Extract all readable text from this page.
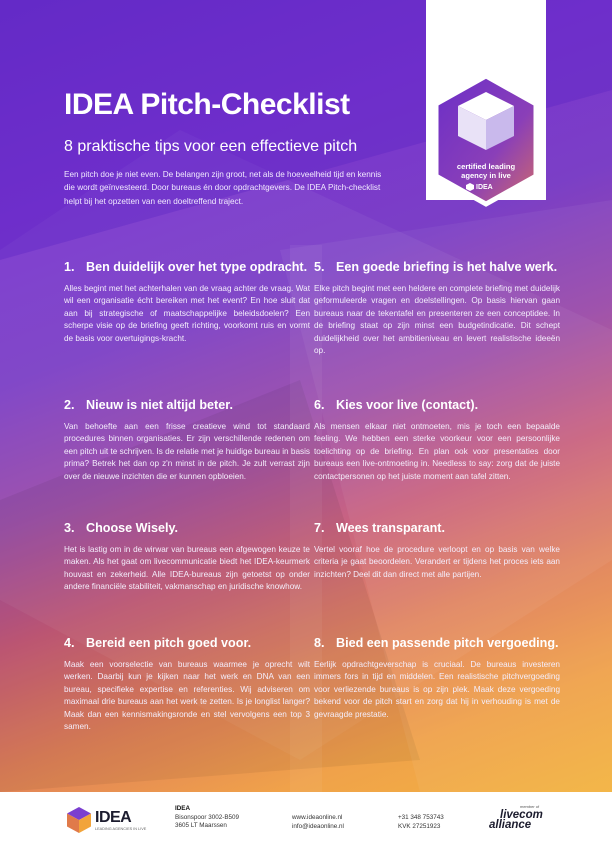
IDEA Pitch-Checklist

8 praktische tips voor een effectieve pitch

Een pitch doe je niet even. De belangen zijn groot, net als de hoeveelheid tijd en kennis die wordt geïnvesteerd. Door bureaus én door opdrachtgevers. De IDEA Pitch-checklist helpt bij het opzetten van een doeltreffend traject.

certified leading agency in live
IDEA
1. Ben duidelijk over het type opdracht.

Alles begint met het achterhalen van de vraag achter de vraag. Wat wil een organisatie écht bereiken met het event? En hoe sluit dat aan bij strategische of maatschappelijke beleidsdoelen? Een scherpe visie op de briefing geeft richting, voorkomt ruis en vormt de basis voor overtuigings-kracht.

2. Nieuw is niet altijd beter.

Van behoefte aan een frisse creatieve wind tot standaard procedures binnen organisaties. Er zijn verschillende redenen om een pitch uit te schrijven. Is de relatie met je huidige bureau in basis prima? Betrek het dan op z'n minst in de pitch. Je zult verrast zijn over de nieuwe inzichten die er kunnen opbloeien.

3. Choose Wisely.

Het is lastig om in de wirwar van bureaus een afgewogen keuze te maken. Als het gaat om livecommunicatie biedt het IDEA-keurmerk houvast en zekerheid. Alle IDEA-bureaus zijn getoetst op onder andere financiële stabiliteit, vakmanschap en juridische knowhow.

4. Bereid een pitch goed voor.

Maak een voorselectie van bureaus waarmee je oprecht wilt werken. Daarbij kun je kijken naar het werk en DNA van een bureau, specifieke expertise en referenties. Wij adviseren om maximaal drie bureaus aan het werk te zetten. Is je longlist langer? Maak dan een kennismakingsronde en stel vervolgens een top 3 samen.

5. Een goede briefing is het halve werk.

Elke pitch begint met een heldere en complete briefing met duidelijk geformuleerde vragen en doelstellingen. Op basis hiervan gaan bureaus naar de tekentafel en presenteren ze een conceptidee. In de briefing staat op zijn minst een budgetindicatie. Dit schept duidelijkheid over het ambitieniveau en levert realistische ideeën op.

6. Kies voor live (contact).

Als mensen elkaar niet ontmoeten, mis je toch een bepaalde feeling. We hebben een sterke voorkeur voor een persoonlijke toelichting op de briefing. En plan ook voor presentaties door bureaus een live-ontmoeting in. Needless to say: zorg dat de juiste contactpersonen op het juiste moment aan tafel zitten.

7. Wees transparant.

Vertel vooraf hoe de procedure verloopt en op basis van welke criteria je gaat beoordelen. Verandert er tijdens het proces iets aan inzichten? Deel dit dan direct met alle partijen.

8. Bied een passende pitch vergoeding.

Eerlijk opdrachtgeverschap is cruciaal. De bureaus investeren immers fors in tijd en middelen. Een realistische pitchvergoeding voor verliezende bureaus is op zijn plek. Maak deze vergoeding bekend voor de pitch start en zorg dat hij in verhouding is met de gevraagde prestatie.

IDEA
LEADING AGENCIES IN LIVE
IDEA
Bisonspoor 3002-B509
3605 LT Maarssen
www.ideaonline.nl
info@ideaonline.nl
+31 348 753743
KVK 27251923
member of
livecom
alliance
